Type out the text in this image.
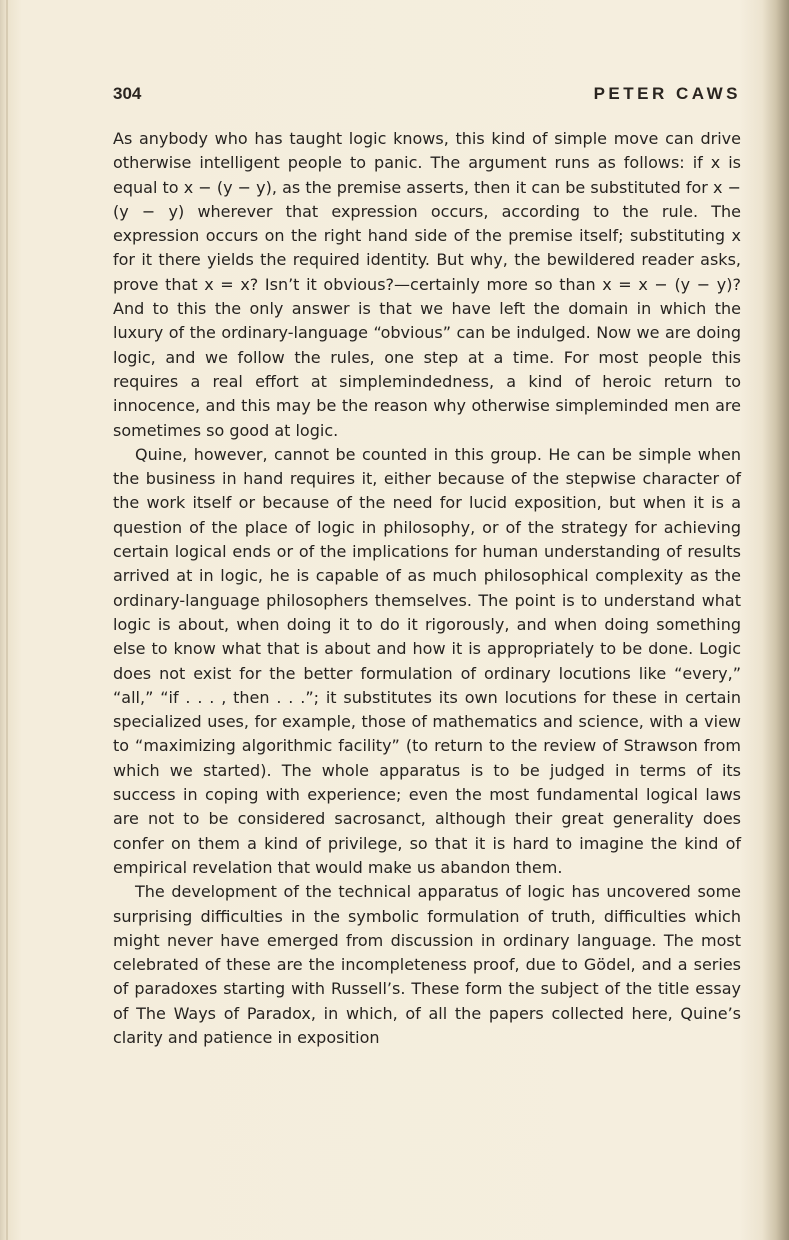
304	PETER CAWS

As anybody who has taught logic knows, this kind of simple move can drive otherwise intelligent people to panic. The argument runs as follows: if x is equal to x − (y − y), as the premise asserts, then it can be substituted for x − (y − y) wherever that expression occurs, according to the rule. The expression occurs on the right hand side of the premise itself; substituting x for it there yields the required identity. But why, the bewildered reader asks, prove that x = x? Isn’t it obvious?—certainly more so than x = x − (y − y)? And to this the only answer is that we have left the domain in which the luxury of the ordinary-language “obvious” can be indulged. Now we are doing logic, and we follow the rules, one step at a time. For most people this requires a real effort at simplemindedness, a kind of heroic return to innocence, and this may be the reason why otherwise simpleminded men are sometimes so good at logic.

Quine, however, cannot be counted in this group. He can be simple when the business in hand requires it, either because of the stepwise character of the work itself or because of the need for lucid exposition, but when it is a question of the place of logic in philosophy, or of the strategy for achieving certain logical ends or of the implications for human understanding of results arrived at in logic, he is capable of as much philosophical complexity as the ordinary-language philosophers themselves. The point is to understand what logic is about, when doing it to do it rigorously, and when doing something else to know what that is about and how it is appropriately to be done. Logic does not exist for the better formulation of ordinary locutions like “every,” “all,” “if . . . , then . . .”; it substitutes its own locutions for these in certain specialized uses, for example, those of mathematics and science, with a view to “maximizing algorithmic facility” (to return to the review of Strawson from which we started). The whole apparatus is to be judged in terms of its success in coping with experience; even the most fundamental logical laws are not to be considered sacrosanct, although their great generality does confer on them a kind of privilege, so that it is hard to imagine the kind of empirical revelation that would make us abandon them.

The development of the technical apparatus of logic has uncovered some surprising difficulties in the symbolic formulation of truth, difficulties which might never have emerged from discussion in ordinary language. The most celebrated of these are the incompleteness proof, due to Gödel, and a series of paradoxes starting with Russell’s. These form the subject of the title essay of The Ways of Paradox, in which, of all the papers collected here, Quine’s clarity and patience in exposition
